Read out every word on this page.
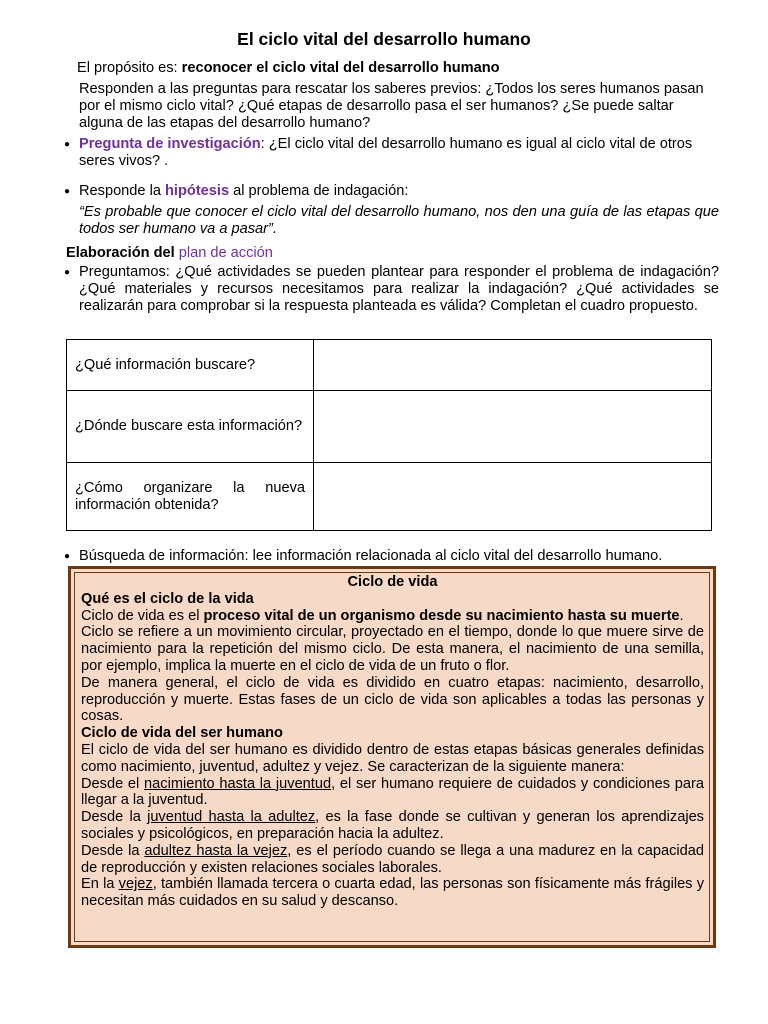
El ciclo vital del desarrollo humano
El propósito es: reconocer el ciclo vital del desarrollo humano
Responden a las preguntas para rescatar los saberes previos: ¿Todos los seres humanos pasan por el mismo ciclo vital? ¿Qué etapas de desarrollo pasa el ser humanos? ¿Se puede saltar alguna de las etapas del desarrollo humano?
● Pregunta de investigación: ¿El ciclo vital del desarrollo humano es igual al ciclo vital de otros seres vivos? .
● Responde la hipótesis al problema de indagación:
“Es probable que conocer el ciclo vital del desarrollo humano, nos den una guía de las etapas que todos ser humano va a pasar”.
Elaboración del plan de acción
● Preguntamos: ¿Qué actividades se pueden plantear para responder el problema de indagación? ¿Qué materiales y recursos necesitamos para realizar la indagación? ¿Qué actividades se realizarán para comprobar si la respuesta planteada es válida? Completan el cuadro propuesto.
¿Qué información buscare?	
¿Dónde buscare esta información?	
¿Cómo organizare la nueva información obtenida?	
● Búsqueda de información: lee información relacionada al ciclo vital del desarrollo humano.
Ciclo de vida

Qué es el ciclo de la vida

Ciclo de vida es el proceso vital de un organismo desde su nacimiento hasta su muerte.

Ciclo se refiere a un movimiento circular, proyectado en el tiempo, donde lo que muere sirve de nacimiento para la repetición del mismo ciclo. De esta manera, el nacimiento de una semilla, por ejemplo, implica la muerte en el ciclo de vida de un fruto o flor.

De manera general, el ciclo de vida es dividido en cuatro etapas: nacimiento, desarrollo, reproducción y muerte. Estas fases de un ciclo de vida son aplicables a todas las personas y cosas.

Ciclo de vida del ser humano

El ciclo de vida del ser humano es dividido dentro de estas etapas básicas generales definidas como nacimiento, juventud, adultez y vejez. Se caracterizan de la siguiente manera:

Desde el nacimiento hasta la juventud, el ser humano requiere de cuidados y condiciones para llegar a la juventud.

Desde la juventud hasta la adultez, es la fase donde se cultivan y generan los aprendizajes sociales y psicológicos, en preparación hacia la adultez.

Desde la adultez hasta la vejez, es el período cuando se llega a una madurez en la capacidad de reproducción y existen relaciones sociales laborales.

En la vejez, también llamada tercera o cuarta edad, las personas son físicamente más frágiles y necesitan más cuidados en su salud y descanso.
